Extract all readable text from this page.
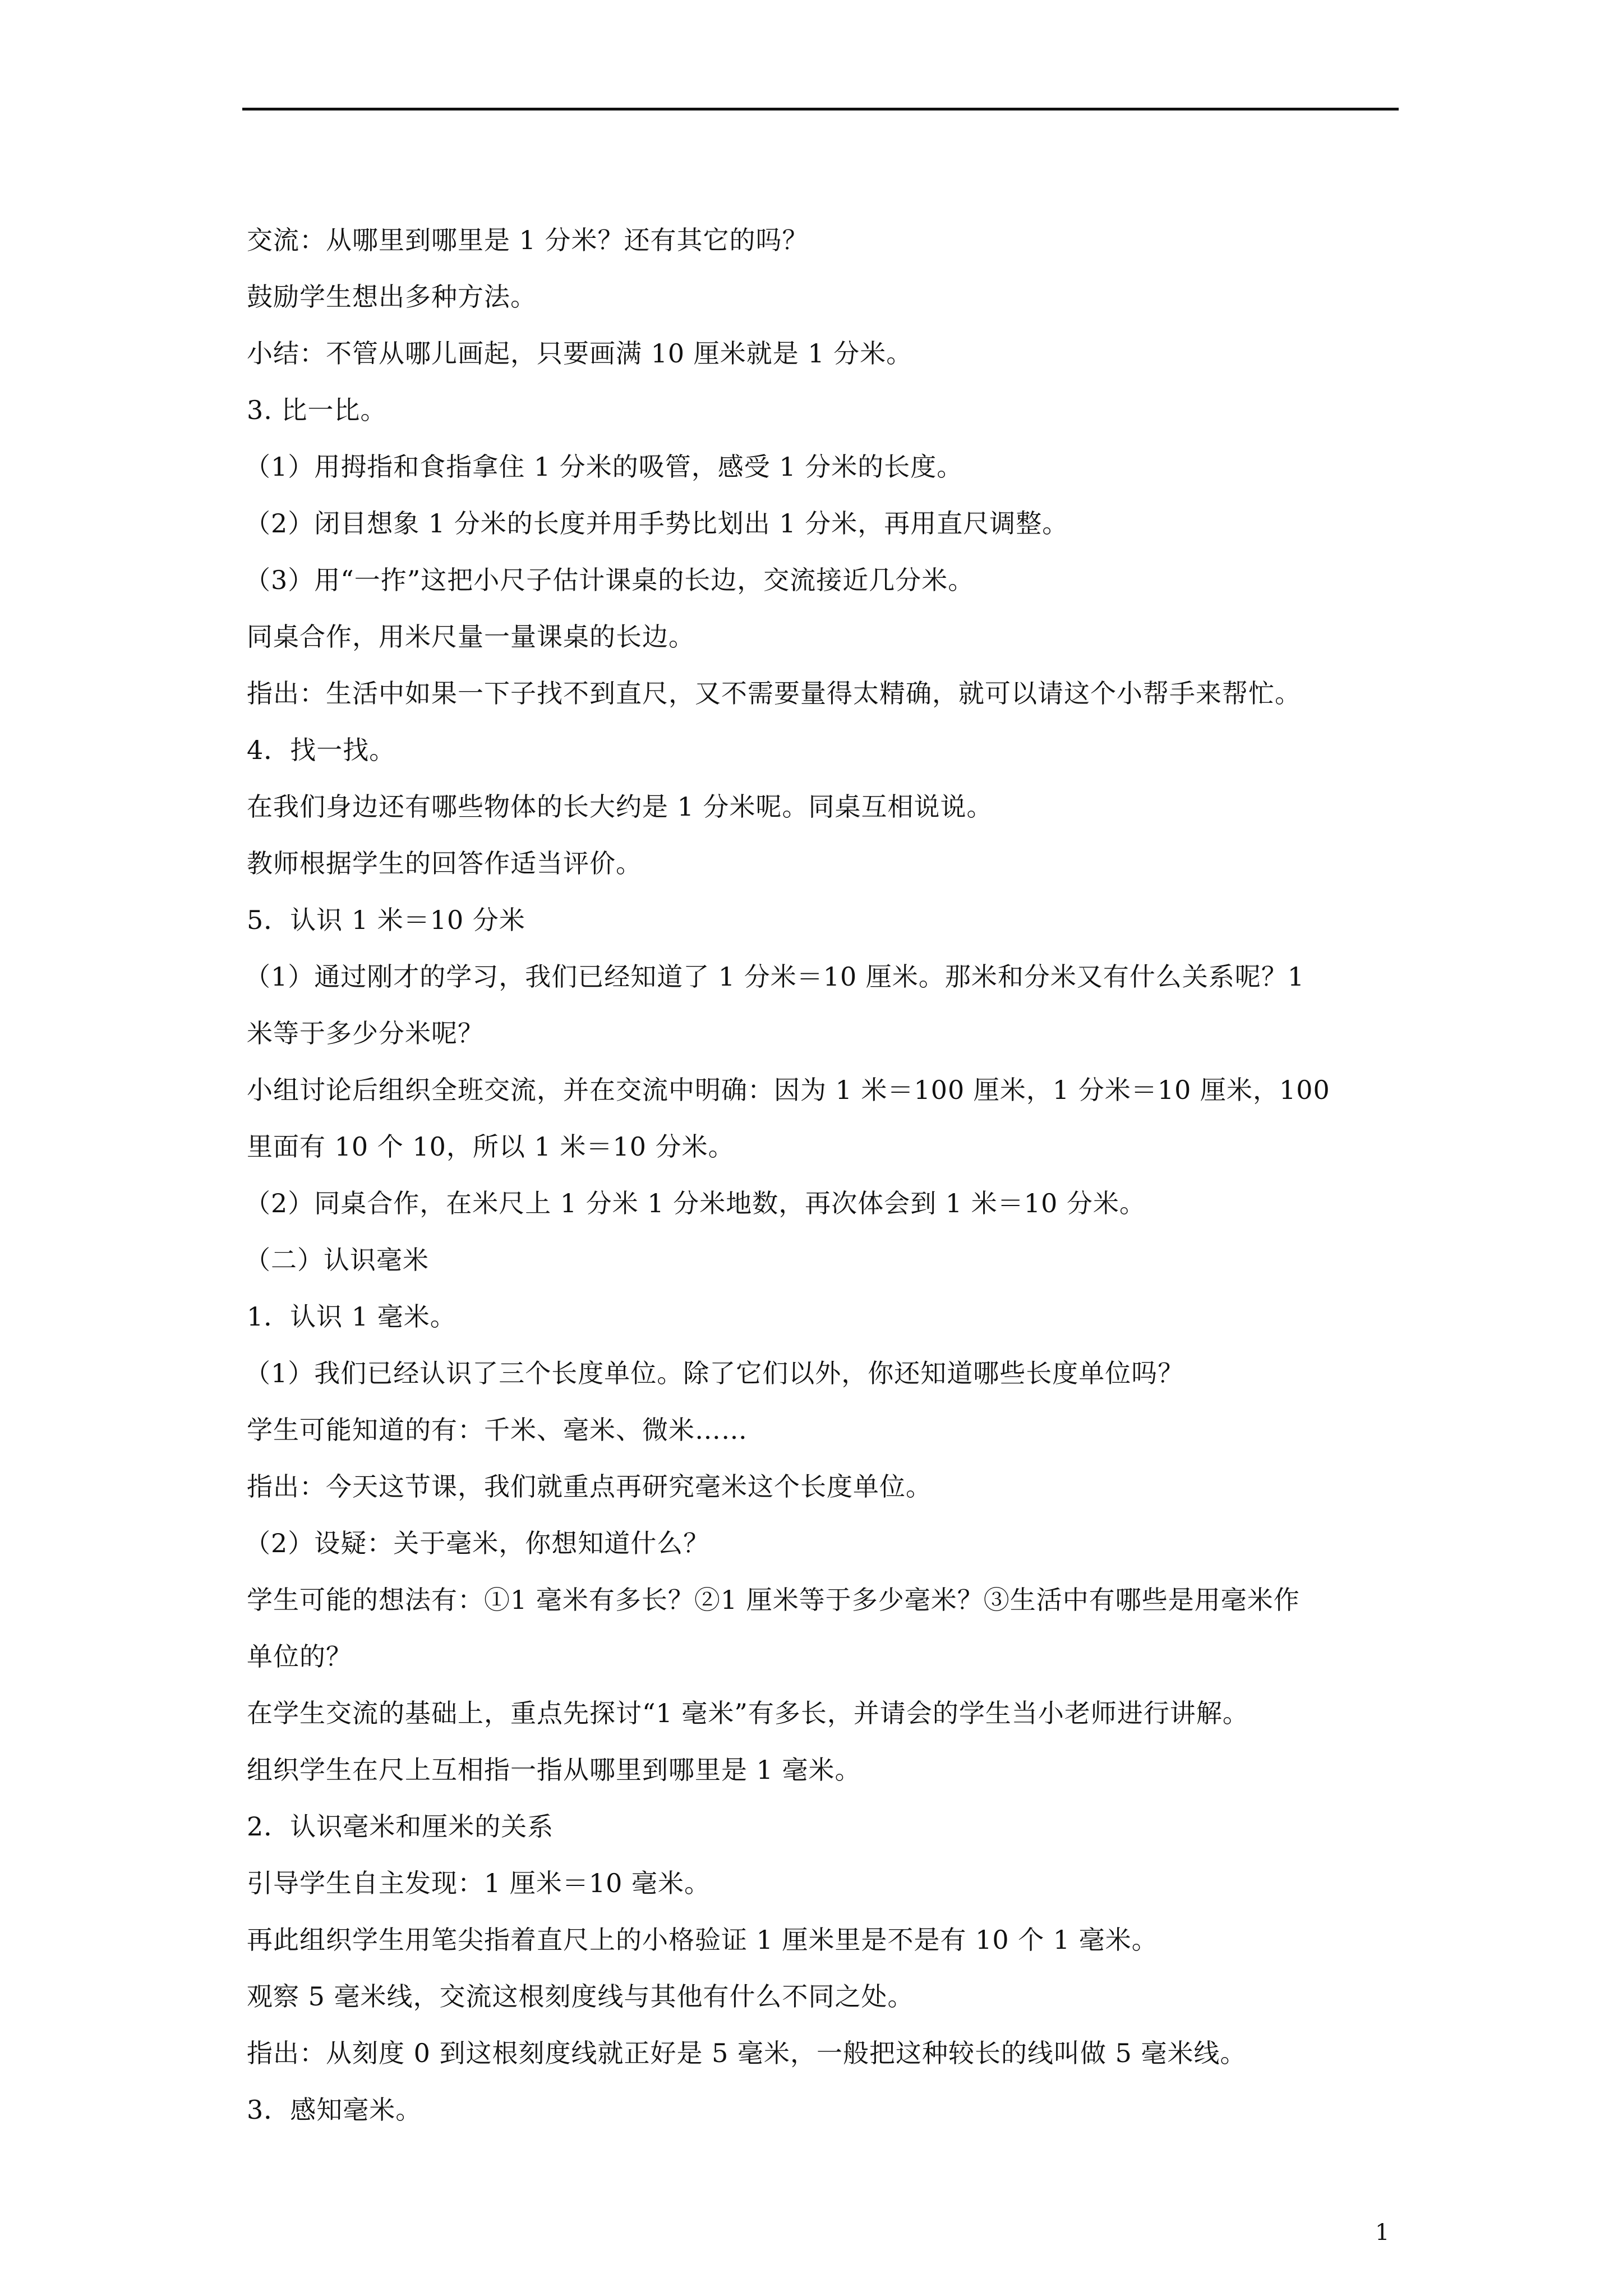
交流：从哪里到哪里是 1 分米？还有其它的吗？
鼓励学生想出多种方法。
小结：不管从哪儿画起，只要画满 10 厘米就是 1 分米。
3. 比一比。
（1）用拇指和食指拿住 1 分米的吸管，感受 1 分米的长度。
（2）闭目想象 1 分米的长度并用手势比划出 1 分米，再用直尺调整。
（3）用“一拃”这把小尺子估计课桌的长边，交流接近几分米。
同桌合作，用米尺量一量课桌的长边。
指出：生活中如果一下子找不到直尺，又不需要量得太精确，就可以请这个小帮手来帮忙。
4．找一找。
在我们身边还有哪些物体的长大约是 1 分米呢。同桌互相说说。
教师根据学生的回答作适当评价。
5．认识 1 米＝10 分米
（1）通过刚才的学习，我们已经知道了 1 分米＝10 厘米。那米和分米又有什么关系呢？1
米等于多少分米呢？
小组讨论后组织全班交流，并在交流中明确：因为 1 米＝100 厘米，1 分米＝10 厘米，100
里面有 10 个 10，所以 1 米＝10 分米。
（2）同桌合作，在米尺上 1 分米 1 分米地数，再次体会到 1 米＝10 分米。
（二）认识毫米
1．认识 1 毫米。
（1）我们已经认识了三个长度单位。除了它们以外，你还知道哪些长度单位吗？
学生可能知道的有：千米、毫米、微米……
指出：今天这节课，我们就重点再研究毫米这个长度单位。
（2）设疑：关于毫米，你想知道什么？
学生可能的想法有：①1 毫米有多长？②1 厘米等于多少毫米？③生活中有哪些是用毫米作
单位的？
在学生交流的基础上，重点先探讨“1 毫米”有多长，并请会的学生当小老师进行讲解。
组织学生在尺上互相指一指从哪里到哪里是 1 毫米。
2．认识毫米和厘米的关系
引导学生自主发现：1 厘米＝10 毫米。
再此组织学生用笔尖指着直尺上的小格验证 1 厘米里是不是有 10 个 1 毫米。
观察 5 毫米线，交流这根刻度线与其他有什么不同之处。
指出：从刻度 0 到这根刻度线就正好是 5 毫米，一般把这种较长的线叫做 5 毫米线。
3．感知毫米。
1
